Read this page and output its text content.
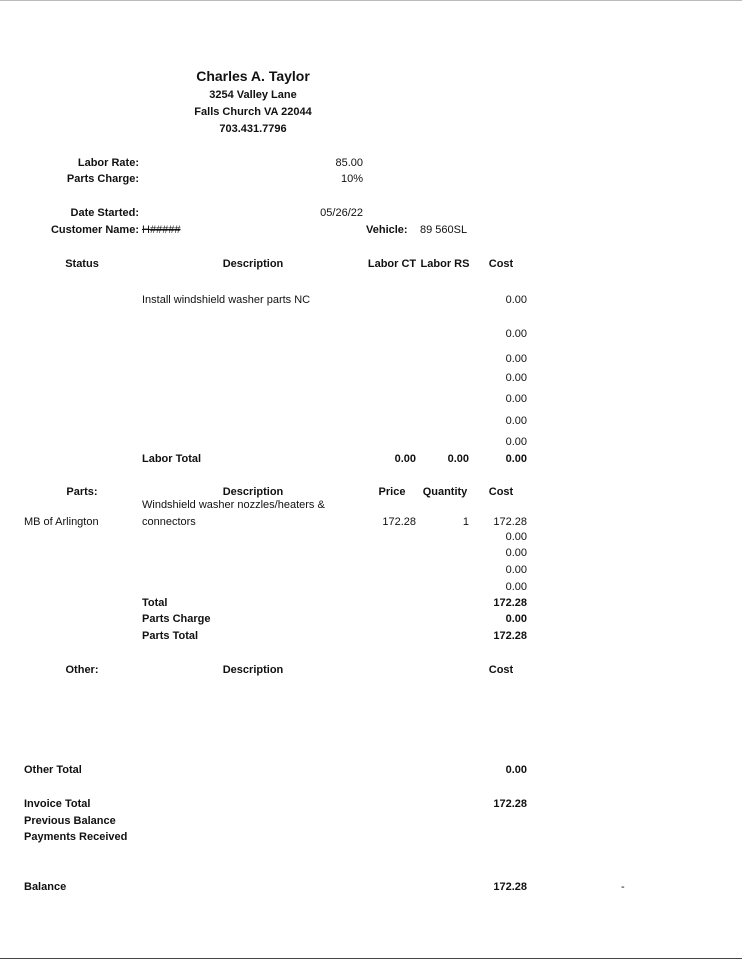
Charles A. Taylor
3254 Valley Lane
Falls Church VA 22044
703.431.7796
Labor Rate:	85.00
Parts Charge:	10%
Date Started:	05/26/22
Customer Name: H#####	Vehicle: 89 560SL
Status	Description	Labor CT Labor RS Cost
Install windshield washer parts NC	0.00
0.00
0.00
0.00
0.00
0.00
0.00
Labor Total	0.00	0.00	0.00
Parts:	Description	Price Quantity Cost
Windshield washer nozzles/heaters &
MB of Arlington	connectors	172.28	1 172.28
0.00
0.00
0.00
0.00
Total	172.28
Parts Charge	0.00
Parts Total	172.28
Other:	Description	Cost
Other Total	0.00
Invoice Total	172.28
Previous Balance
Payments Received
Balance	172.28	-
